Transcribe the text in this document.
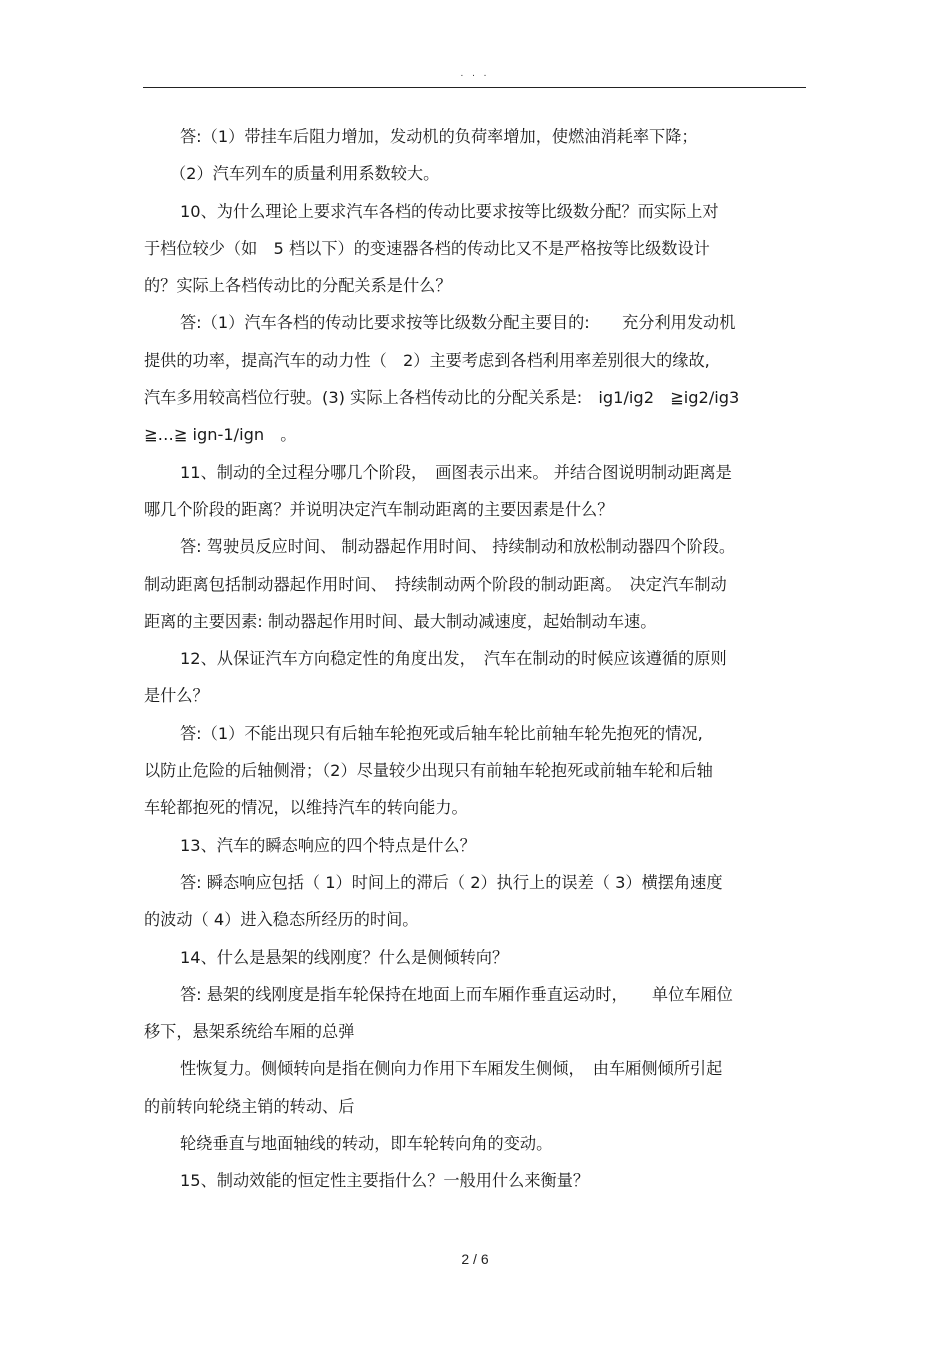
. . .
答:（1）带挂车后阻力增加，发动机的负荷率增加，使燃油消耗率下降；
（2）汽车列车的质量利用系数较大。
10、为什么理论上要求汽车各档的传动比要求按等比级数分配？而实际上对
于档位较少（如　5 档以下）的变速器各档的传动比又不是严格按等比级数设计
的？实际上各档传动比的分配关系是什么？
答:（1）汽车各档的传动比要求按等比级数分配主要目的:　　充分利用发动机
提供的功率，提高汽车的动力性（　2）主要考虑到各档利用率差别很大的缘故,
汽车多用较高档位行驶。(3) 实际上各档传动比的分配关系是:　ig1/ig2　≧ig2/ig3
≧…≧ ign-1/ign　。
11、制动的全过程分哪几个阶段，　画图表示出来。 并结合图说明制动距离是
哪几个阶段的距离？并说明决定汽车制动距离的主要因素是什么？
答: 驾驶员反应时间、 制动器起作用时间、 持续制动和放松制动器四个阶段。
制动距离包括制动器起作用时间、　持续制动两个阶段的制动距离。　决定汽车制动
距离的主要因素: 制动器起作用时间、最大制动减速度，起始制动车速。
12、从保证汽车方向稳定性的角度出发，　汽车在制动的时候应该遵循的原则
是什么？
答:（1）不能出现只有后轴车轮抱死或后轴车轮比前轴车轮先抱死的情况,
以防止危险的后轴侧滑；（2）尽量较少出现只有前轴车轮抱死或前轴车轮和后轴
车轮都抱死的情况，以维持汽车的转向能力。
13、汽车的瞬态响应的四个特点是什么？
答: 瞬态响应包括（ 1）时间上的滞后（ 2）执行上的误差（ 3）横摆角速度
的波动（ 4）进入稳态所经历的时间。
14、什么是悬架的线刚度？什么是侧倾转向？
答: 悬架的线刚度是指车轮保持在地面上而车厢作垂直运动时，　　单位车厢位
移下，悬架系统给车厢的总弹
性恢复力。侧倾转向是指在侧向力作用下车厢发生侧倾，　由车厢侧倾所引起
的前转向轮绕主销的转动、后
轮绕垂直与地面轴线的转动，即车轮转向角的变动。
15、制动效能的恒定性主要指什么？一般用什么来衡量？
2 / 6
